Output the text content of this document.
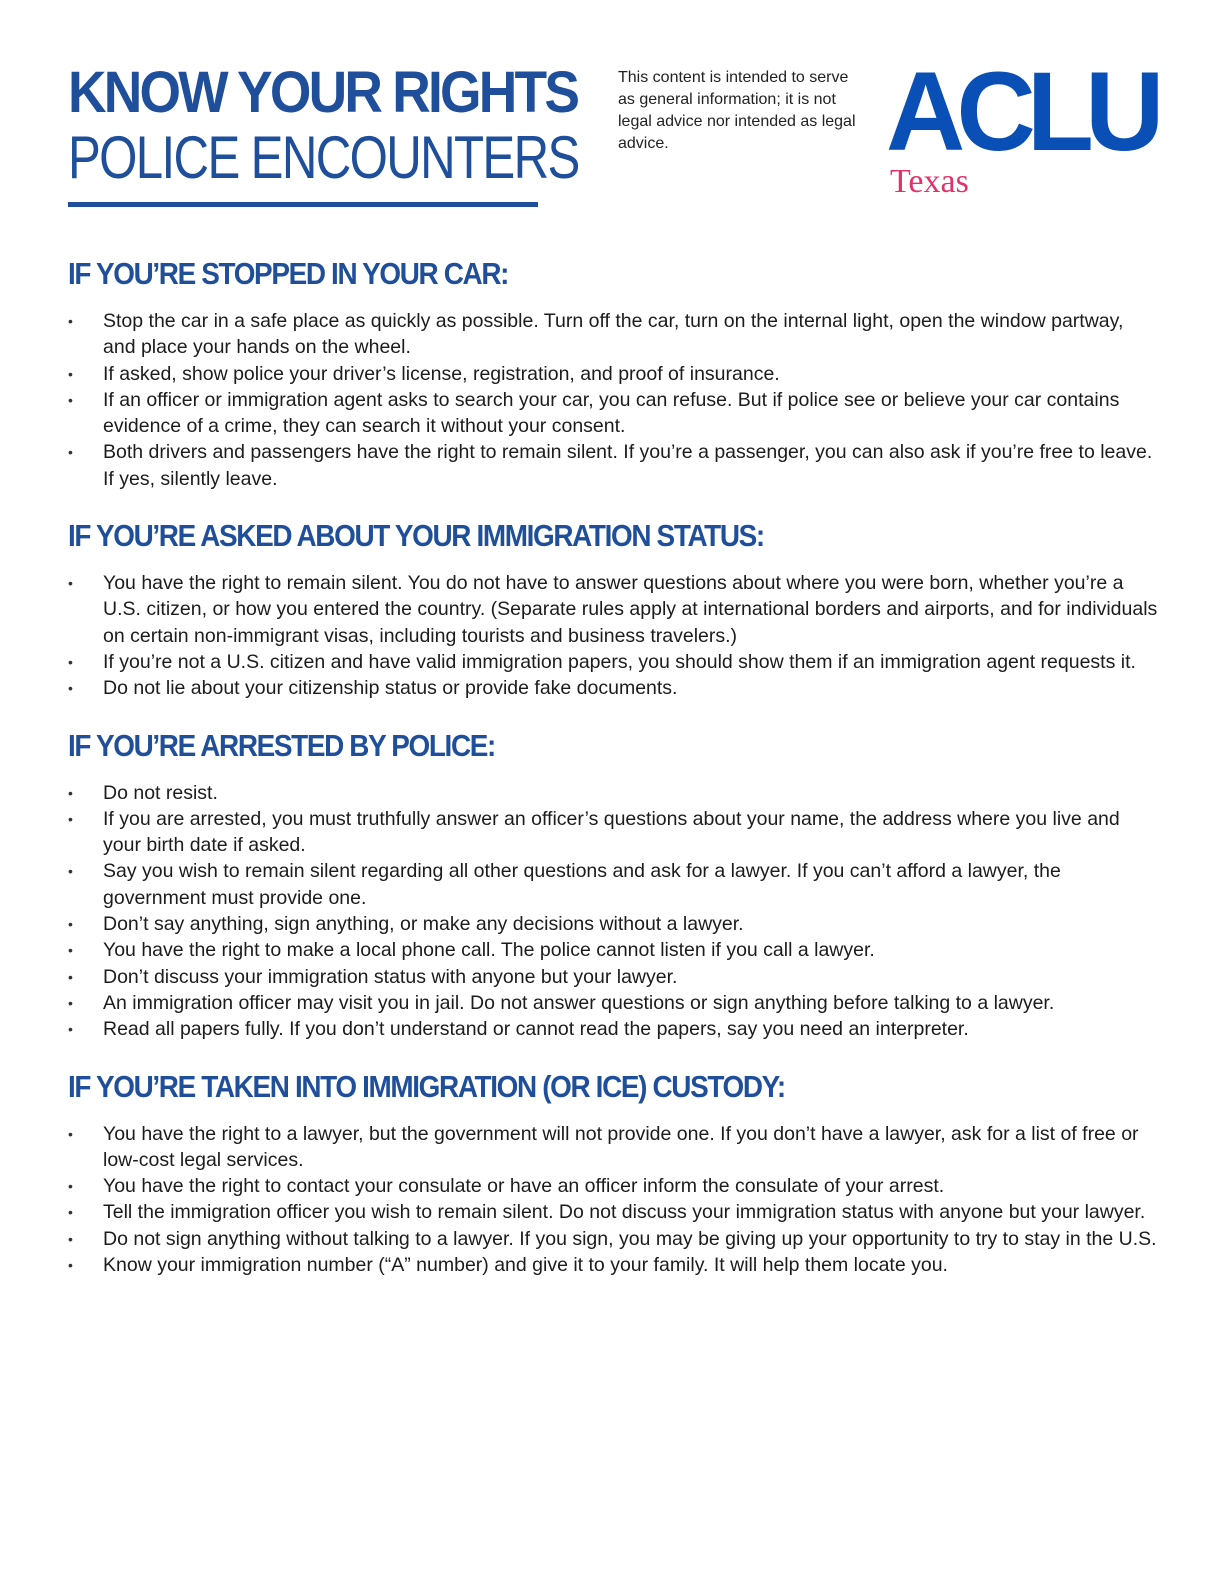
KNOW YOUR RIGHTS
POLICE ENCOUNTERS
This content is intended to serve as general information; it is not legal advice nor intended as legal advice.	ACLU
Texas
IF YOU’RE STOPPED IN YOUR CAR:
•	Stop the car in a safe place as quickly as possible. Turn off the car, turn on the internal light, open the window partway, and place your hands on the wheel.
•	If asked, show police your driver’s license, registration, and proof of insurance.
•	If an officer or immigration agent asks to search your car, you can refuse. But if police see or believe your car contains evidence of a crime, they can search it without your consent.
•	Both drivers and passengers have the right to remain silent. If you’re a passenger, you can also ask if you’re free to leave. If yes, silently leave.
IF YOU’RE ASKED ABOUT YOUR IMMIGRATION STATUS:
•	You have the right to remain silent. You do not have to answer questions about where you were born, whether you’re a U.S. citizen, or how you entered the country. (Separate rules apply at international borders and airports, and for individuals on certain non-immigrant visas, including tourists and business travelers.)
•	If you’re not a U.S. citizen and have valid immigration papers, you should show them if an immigration agent requests it.
•	Do not lie about your citizenship status or provide fake documents.
IF YOU’RE ARRESTED BY POLICE:
•	Do not resist.
•	If you are arrested, you must truthfully answer an officer’s questions about your name, the address where you live and your birth date if asked.
•	Say you wish to remain silent regarding all other questions and ask for a lawyer. If you can’t afford a lawyer, the government must provide one.
•	Don’t say anything, sign anything, or make any decisions without a lawyer.
•	You have the right to make a local phone call. The police cannot listen if you call a lawyer.
•	Don’t discuss your immigration status with anyone but your lawyer.
•	An immigration officer may visit you in jail. Do not answer questions or sign anything before talking to a lawyer.
•	Read all papers fully. If you don’t understand or cannot read the papers, say you need an interpreter.
IF YOU’RE TAKEN INTO IMMIGRATION (OR ICE) CUSTODY:
•	You have the right to a lawyer, but the government will not provide one. If you don’t have a lawyer, ask for a list of free or low-cost legal services.
•	You have the right to contact your consulate or have an officer inform the consulate of your arrest.
•	Tell the immigration officer you wish to remain silent. Do not discuss your immigration status with anyone but your lawyer.
•	Do not sign anything without talking to a lawyer. If you sign, you may be giving up your opportunity to try to stay in the U.S.
•	Know your immigration number (“A” number) and give it to your family. It will help them locate you.
